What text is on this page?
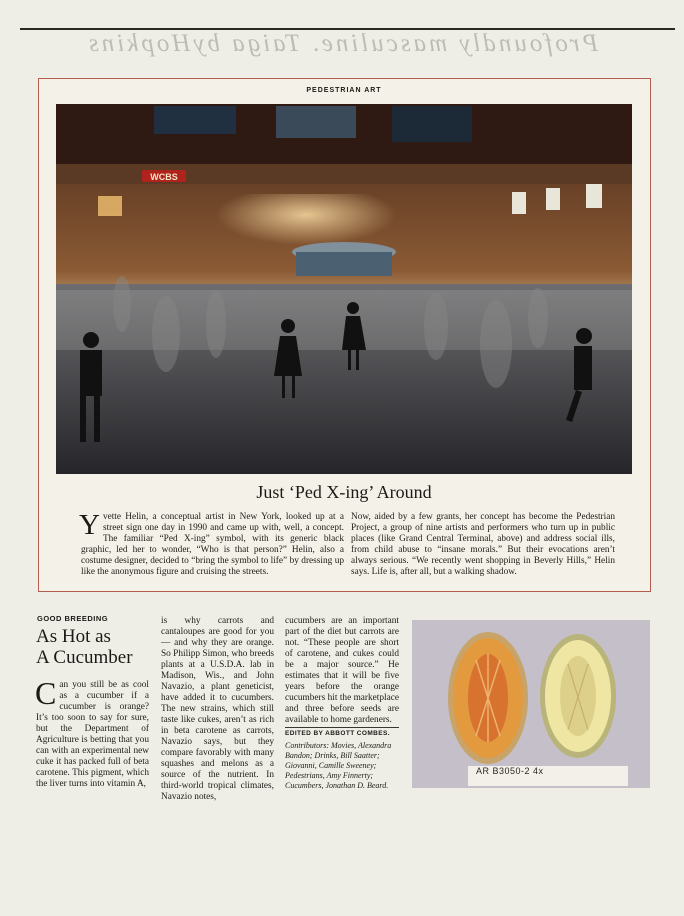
Profoundly masculine. Taiga byHopkins
PEDESTRIAN ART
WCBS
Just ‘Ped X-ing’ Around
Yvette Helin, a conceptual artist in New York, looked up at a street sign one day in 1990 and came up with, well, a concept. The familiar “Ped X-ing” symbol, with its generic black graphic, led her to wonder, “Who is that person?” Helin, also a costume designer, decided to “bring the symbol to life” by dressing up like the anonymous figure and cruising the streets.
Now, aided by a few grants, her concept has become the Pedestrian Project, a group of nine artists and performers who turn up in public places (like Grand Central Terminal, above) and address social ills, from child abuse to “insane morals.” But their evocations aren’t always serious. “We recently went shopping in Beverly Hills,” Helin says. Life is, after all, but a walking shadow.
GOOD BREEDING
As Hot as
A Cucumber
Can you still be as cool as a cucumber if a cucumber is orange? It’s too soon to say for sure, but the Department of Agriculture is betting that you can with an experimental new cuke it has packed full of beta carotene. This pigment, which the liver turns into vitamin A,
is why carrots and cantaloupes are good for you — and why they are orange. So Philipp Simon, who breeds plants at a U.S.D.A. lab in Madison, Wis., and John Navazio, a plant geneticist, have added it to cucumbers. The new strains, which still taste like cukes, aren’t as rich in beta carotene as carrots, Navazio says, but they compare favorably with many squashes and melons as a source of the nutrient. In third-world tropical climates, Navazio notes,
cucumbers are an important part of the diet but carrots are not. “These people are short of carotene, and cukes could be a major source.” He estimates that it will be five years before the orange cucumbers hit the marketplace and three before seeds are available to home gardeners.
EDITED BY ABBOTT COMBES.
Contributors: Movies, Alexandra Bandon; Drinks, Bill Saatter; Giovanni, Camille Sweeney; Pedestrians, Amy Finnerty; Cucumbers, Jonathan D. Beard.
AR B3050-2 4x
